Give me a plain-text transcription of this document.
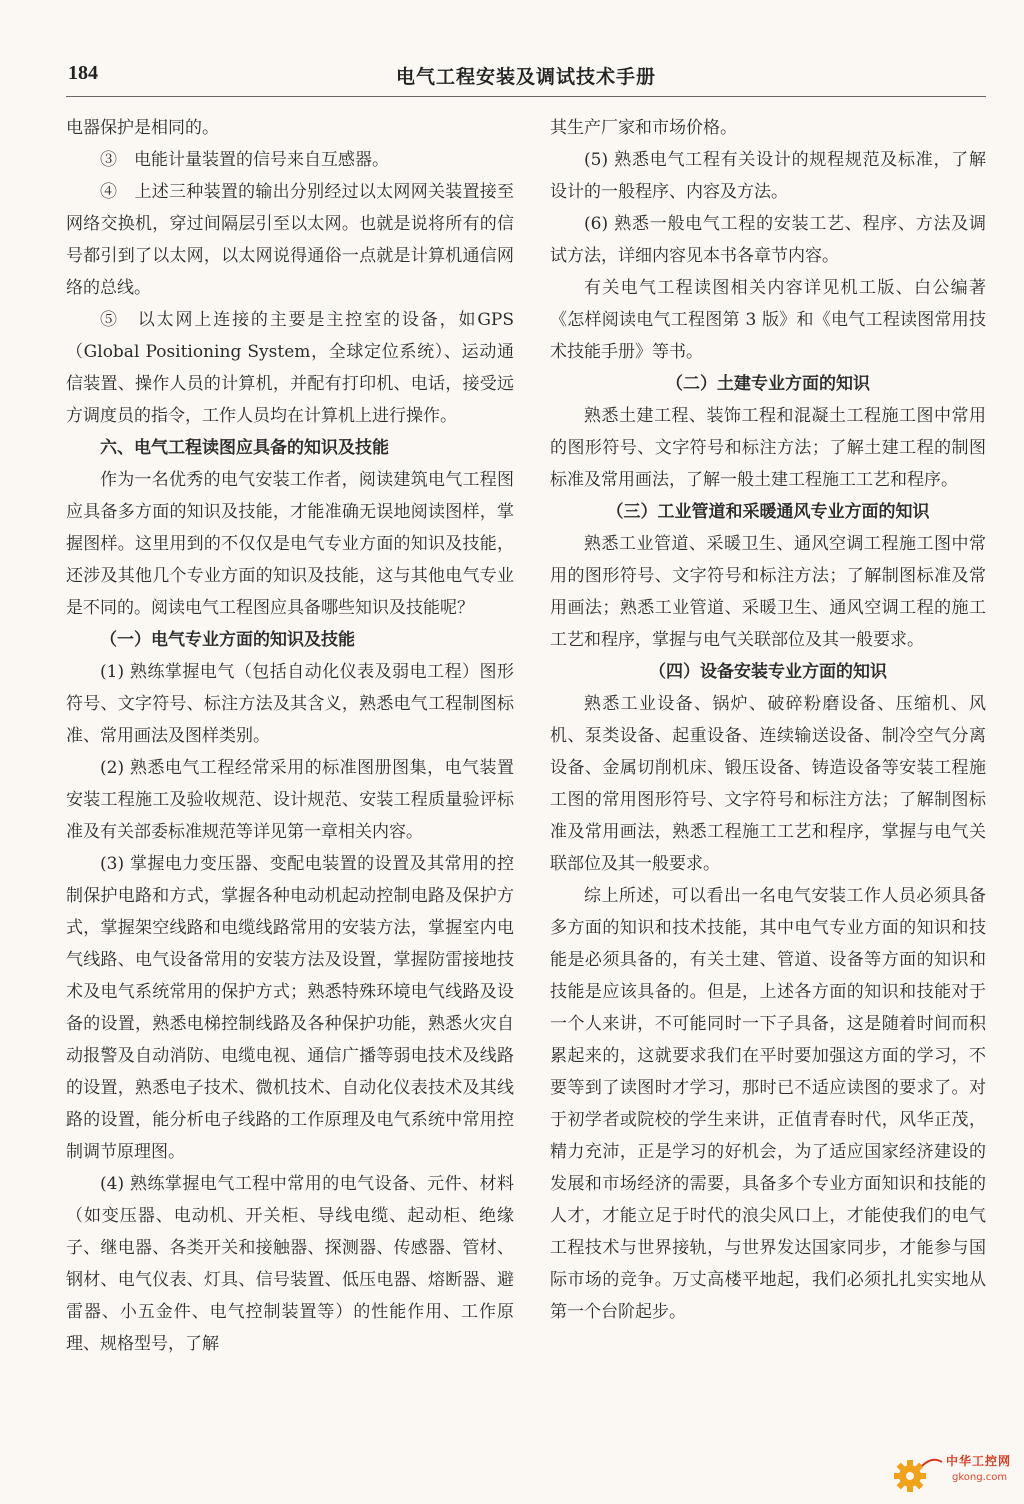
184	电气工程安装及调试技术手册

电器保护是相同的。

③　电能计量装置的信号来自互感器。

④　上述三种装置的输出分别经过以太网网关装置接至网络交换机，穿过间隔层引至以太网。也就是说将所有的信号都引到了以太网，以太网说得通俗一点就是计算机通信网络的总线。

⑤　以太网上连接的主要是主控室的设备，如GPS（Global Positioning System，全球定位系统）、运动通信装置、操作人员的计算机，并配有打印机、电话，接受远方调度员的指令，工作人员均在计算机上进行操作。

六、电气工程读图应具备的知识及技能

作为一名优秀的电气安装工作者，阅读建筑电气工程图应具备多方面的知识及技能，才能准确无误地阅读图样，掌握图样。这里用到的不仅仅是电气专业方面的知识及技能，还涉及其他几个专业方面的知识及技能，这与其他电气专业是不同的。阅读电气工程图应具备哪些知识及技能呢？

（一）电气专业方面的知识及技能

(1) 熟练掌握电气（包括自动化仪表及弱电工程）图形符号、文字符号、标注方法及其含义，熟悉电气工程制图标准、常用画法及图样类别。

(2) 熟悉电气工程经常采用的标准图册图集，电气装置安装工程施工及验收规范、设计规范、安装工程质量验评标准及有关部委标准规范等详见第一章相关内容。

(3) 掌握电力变压器、变配电装置的设置及其常用的控制保护电路和方式，掌握各种电动机起动控制电路及保护方式，掌握架空线路和电缆线路常用的安装方法，掌握室内电气线路、电气设备常用的安装方法及设置，掌握防雷接地技术及电气系统常用的保护方式；熟悉特殊环境电气线路及设备的设置，熟悉电梯控制线路及各种保护功能，熟悉火灾自动报警及自动消防、电缆电视、通信广播等弱电技术及线路的设置，熟悉电子技术、微机技术、自动化仪表技术及其线路的设置，能分析电子线路的工作原理及电气系统中常用控制调节原理图。

(4) 熟练掌握电气工程中常用的电气设备、元件、材料（如变压器、电动机、开关柜、导线电缆、起动柜、绝缘子、继电器、各类开关和接触器、探测器、传感器、管材、钢材、电气仪表、灯具、信号装置、低压电器、熔断器、避雷器、小五金件、电气控制装置等）的性能作用、工作原理、规格型号，了解

其生产厂家和市场价格。

(5) 熟悉电气工程有关设计的规程规范及标准，了解设计的一般程序、内容及方法。

(6) 熟悉一般电气工程的安装工艺、程序、方法及调试方法，详细内容见本书各章节内容。

有关电气工程读图相关内容详见机工版、白公编著《怎样阅读电气工程图第 3 版》和《电气工程读图常用技术技能手册》等书。

（二）土建专业方面的知识

熟悉土建工程、装饰工程和混凝土工程施工图中常用的图形符号、文字符号和标注方法；了解土建工程的制图标准及常用画法，了解一般土建工程施工工艺和程序。

（三）工业管道和采暖通风专业方面的知识

熟悉工业管道、采暖卫生、通风空调工程施工图中常用的图形符号、文字符号和标注方法；了解制图标准及常用画法；熟悉工业管道、采暖卫生、通风空调工程的施工工艺和程序，掌握与电气关联部位及其一般要求。

（四）设备安装专业方面的知识

熟悉工业设备、锅炉、破碎粉磨设备、压缩机、风机、泵类设备、起重设备、连续输送设备、制冷空气分离设备、金属切削机床、锻压设备、铸造设备等安装工程施工图的常用图形符号、文字符号和标注方法；了解制图标准及常用画法，熟悉工程施工工艺和程序，掌握与电气关联部位及其一般要求。

综上所述，可以看出一名电气安装工作人员必须具备多方面的知识和技术技能，其中电气专业方面的知识和技能是必须具备的，有关土建、管道、设备等方面的知识和技能是应该具备的。但是，上述各方面的知识和技能对于一个人来讲，不可能同时一下子具备，这是随着时间而积累起来的，这就要求我们在平时要加强这方面的学习，不要等到了读图时才学习，那时已不适应读图的要求了。对于初学者或院校的学生来讲，正值青春时代，风华正茂，精力充沛，正是学习的好机会，为了适应国家经济建设的发展和市场经济的需要，具备多个专业方面知识和技能的人才，才能立足于时代的浪尖风口上，才能使我们的电气工程技术与世界接轨，与世界发达国家同步，才能参与国际市场的竞争。万丈高楼平地起，我们必须扎扎实实地从第一个台阶起步。

中华工控网
gkong.com
